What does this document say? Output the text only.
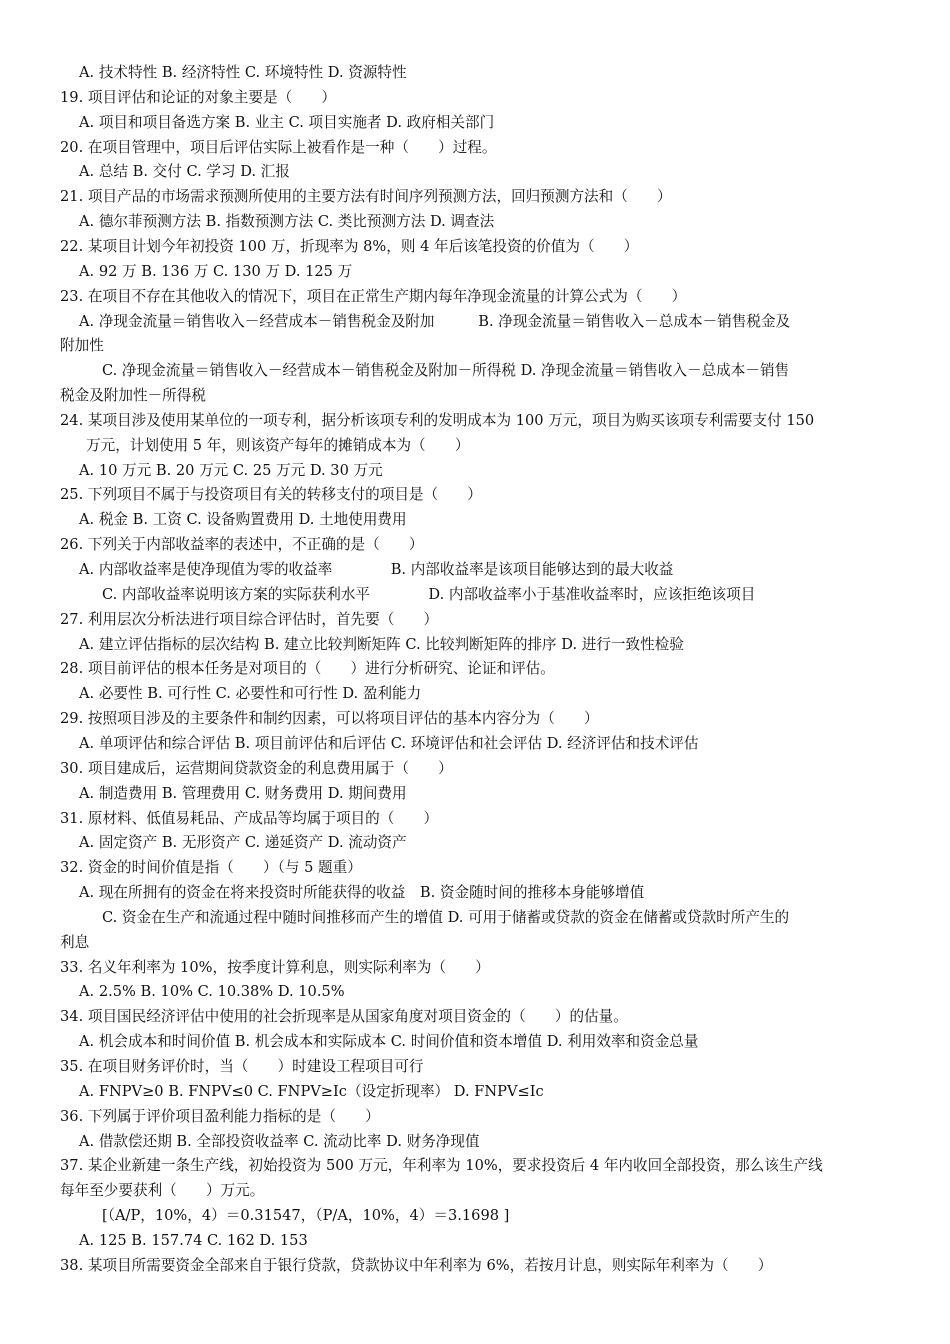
A. 技术特性 B. 经济特性 C. 环境特性 D. 资源特性
19. 项目评估和论证的对象主要是（　　）
A. 项目和项目备选方案 B. 业主 C. 项目实施者 D. 政府相关部门
20. 在项目管理中，项目后评估实际上被看作是一种（　　）过程。
A. 总结 B. 交付 C. 学习 D. 汇报
21. 项目产品的市场需求预测所使用的主要方法有时间序列预测方法，回归预测方法和（　　）
A. 德尔菲预测方法 B. 指数预测方法 C. 类比预测方法 D. 调查法
22. 某项目计划今年初投资 100 万，折现率为 8%，则 4 年后该笔投资的价值为（　　）
A. 92 万 B. 136 万 C. 130 万 D. 125 万
23. 在项目不存在其他收入的情况下，项目在正常生产期内每年净现金流量的计算公式为（　　）
A. 净现金流量＝销售收入－经营成本－销售税金及附加　　　B. 净现金流量＝销售收入－总成本－销售税金及
附加性
C. 净现金流量＝销售收入－经营成本－销售税金及附加－所得税 D. 净现金流量＝销售收入－总成本－销售
税金及附加性－所得税
24. 某项目涉及使用某单位的一项专利，据分析该项专利的发明成本为 100 万元，项目为购买该项专利需要支付 150
万元，计划使用 5 年，则该资产每年的摊销成本为（　　）
A. 10 万元 B. 20 万元 C. 25 万元 D. 30 万元
25. 下列项目不属于与投资项目有关的转移支付的项目是（　　）
A. 税金 B. 工资 C. 设备购置费用 D. 土地使用费用
26. 下列关于内部收益率的表述中，不正确的是（　　）
A. 内部收益率是使净现值为零的收益率　　　　B. 内部收益率是该项目能够达到的最大收益
C. 内部收益率说明该方案的实际获利水平　　　　D. 内部收益率小于基准收益率时，应该拒绝该项目
27. 利用层次分析法进行项目综合评估时，首先要（　　）
A. 建立评估指标的层次结构 B. 建立比较判断矩阵 C. 比较判断矩阵的排序 D. 进行一致性检验
28. 项目前评估的根本任务是对项目的（　　）进行分析研究、论证和评估。
A. 必要性 B. 可行性 C. 必要性和可行性 D. 盈利能力
29. 按照项目涉及的主要条件和制约因素，可以将项目评估的基本内容分为（　　）
A. 单项评估和综合评估 B. 项目前评估和后评估 C. 环境评估和社会评估 D. 经济评估和技术评估
30. 项目建成后，运营期间贷款资金的利息费用属于（　　）
A. 制造费用 B. 管理费用 C. 财务费用 D. 期间费用
31. 原材料、低值易耗品、产成品等均属于项目的（　　）
A. 固定资产 B. 无形资产 C. 递延资产 D. 流动资产
32. 资金的时间价值是指（　　）（与 5 题重）
A. 现在所拥有的资金在将来投资时所能获得的收益　B. 资金随时间的推移本身能够增值
C. 资金在生产和流通过程中随时间推移而产生的增值 D. 可用于储蓄或贷款的资金在储蓄或贷款时所产生的
利息
33. 名义年利率为 10%，按季度计算利息，则实际利率为（　　）
A. 2.5% B. 10% C. 10.38% D. 10.5%
34. 项目国民经济评估中使用的社会折现率是从国家角度对项目资金的（　　）的估量。
A. 机会成本和时间价值 B. 机会成本和实际成本 C. 时间价值和资本增值 D. 利用效率和资金总量
35. 在项目财务评价时，当（　　）时建设工程项目可行
A. FNPV≥0 B. FNPV≤0 C. FNPV≥Ic（设定折现率） D. FNPV≤Ic
36. 下列属于评价项目盈利能力指标的是（　　）
A. 借款偿还期 B. 全部投资收益率 C. 流动比率 D. 财务净现值
37. 某企业新建一条生产线，初始投资为 500 万元，年利率为 10%，要求投资后 4 年内收回全部投资，那么该生产线
每年至少要获利（　　）万元。
[（A/P，10%，4）＝0.31547，（P/A，10%，4）＝3.1698 ]
A. 125 B. 157.74 C. 162 D. 153
38. 某项目所需要资金全部来自于银行贷款，贷款协议中年利率为 6%，若按月计息，则实际年利率为（　　）
